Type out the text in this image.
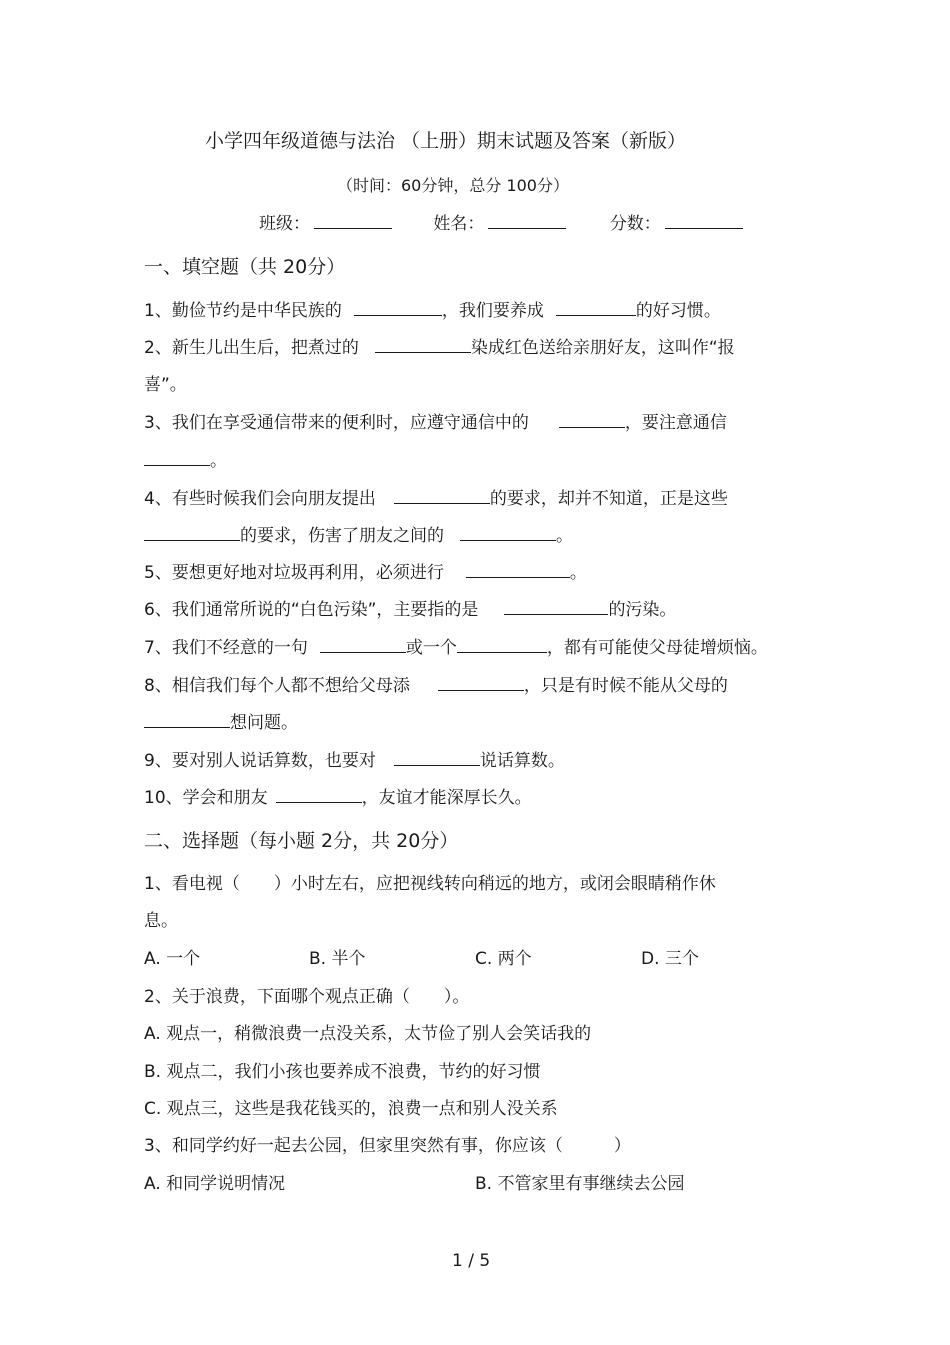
小学四年级道德与法治 （上册）期末试题及答案（新版）
（时间：60分钟，总分 100分）
班级：	姓名：	分数：
一、填空题（共 20分）
1、勤俭节约是中华民族的	，我们要养成	的好习惯。
2、新生儿出生后，把煮过的	染成红色送给亲朋好友，这叫作“报
喜”。
3、我们在享受通信带来的便利时，应遵守通信中的	，要注意通信
。
4、有些时候我们会向朋友提出	的要求，却并不知道，正是这些
的要求，伤害了朋友之间的	。
5、要想更好地对垃圾再利用，必须进行	。
6、我们通常所说的“白色污染”，主要指的是	的污染。
7、我们不经意的一句	或一个	，都有可能使父母徒增烦恼。
8、相信我们每个人都不想给父母添	，只是有时候不能从父母的
想问题。
9、要对别人说话算数，也要对	说话算数。
10、学会和朋友	，友谊才能深厚长久。
二、选择题（每小题 2分，共 20分）
1、看电视（　　）小时左右，应把视线转向稍远的地方，或闭会眼睛稍作休
息。
A. 一个	B. 半个	C. 两个	D. 三个
2、关于浪费，下面哪个观点正确（　　）。
A. 观点一，稍微浪费一点没关系，太节俭了别人会笑话我的
B. 观点二，我们小孩也要养成不浪费，节约的好习惯
C. 观点三，这些是我花钱买的，浪费一点和别人没关系
3、和同学约好一起去公园，但家里突然有事，你应该（　　　）
A. 和同学说明情况	B. 不管家里有事继续去公园
1 / 5
